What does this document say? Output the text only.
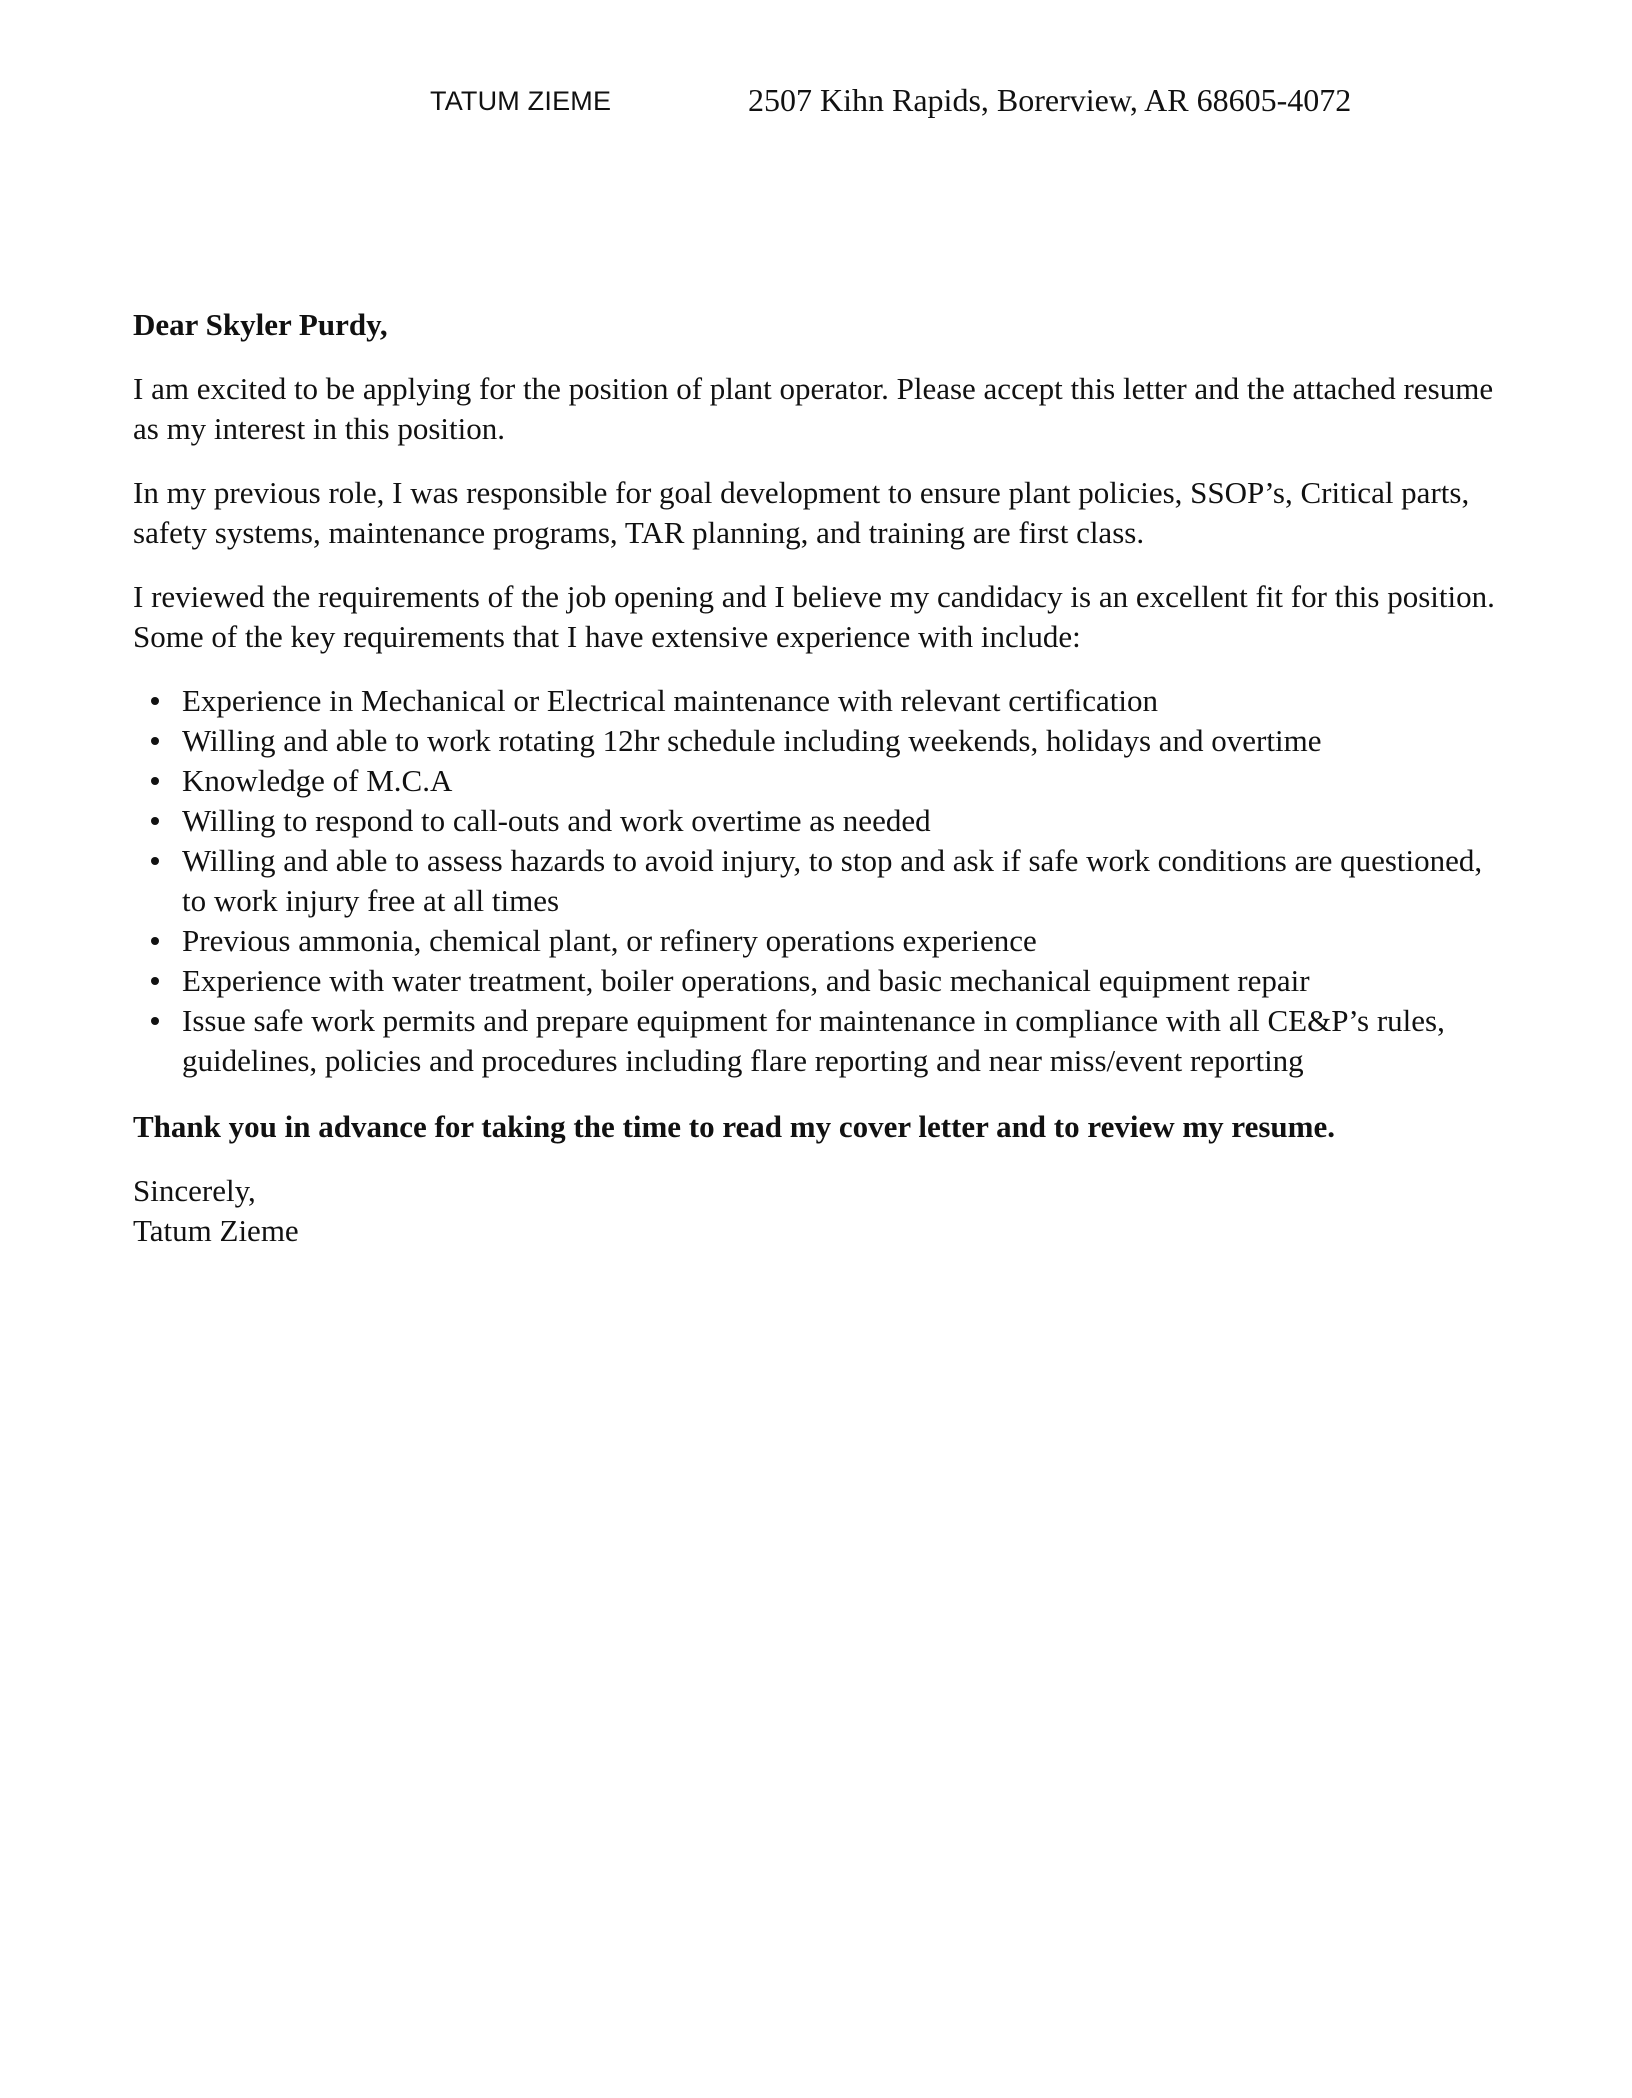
TATUM ZIEME	2507 Kihn Rapids, Borerview, AR 68605-4072

Dear Skyler Purdy,

I am excited to be applying for the position of plant operator. Please accept this letter and the attached resume as my interest in this position.

In my previous role, I was responsible for goal development to ensure plant policies, SSOP’s, Critical parts, safety systems, maintenance programs, TAR planning, and training are first class.

I reviewed the requirements of the job opening and I believe my candidacy is an excellent fit for this position. Some of the key requirements that I have extensive experience with include:

Experience in Mechanical or Electrical maintenance with relevant certification
Willing and able to work rotating 12hr schedule including weekends, holidays and overtime
Knowledge of M.C.A
Willing to respond to call-outs and work overtime as needed
Willing and able to assess hazards to avoid injury, to stop and ask if safe work conditions are questioned, to work injury free at all times
Previous ammonia, chemical plant, or refinery operations experience
Experience with water treatment, boiler operations, and basic mechanical equipment repair
Issue safe work permits and prepare equipment for maintenance in compliance with all CE&P’s rules, guidelines, policies and procedures including flare reporting and near miss/event reporting

Thank you in advance for taking the time to read my cover letter and to review my resume.

Sincerely,

Tatum Zieme
